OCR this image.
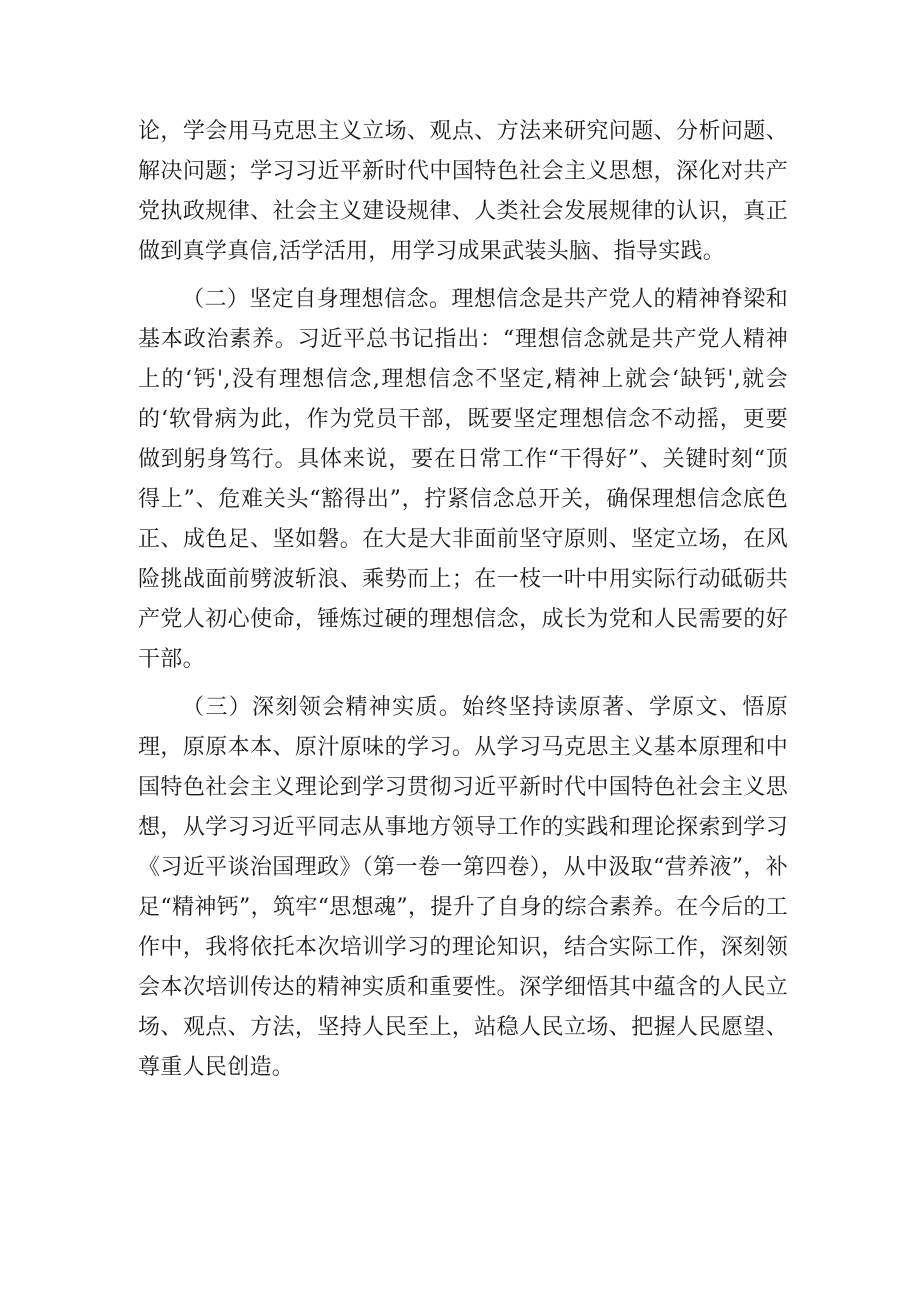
论，学会用马克思主义立场、观点、方法来研究问题、分析问题、解决问题；学习习近平新时代中国特色社会主义思想，深化对共产党执政规律、社会主义建设规律、人类社会发展规律的认识，真正做到真学真信,活学活用，用学习成果武装头脑、指导实践。

（二）坚定自身理想信念。理想信念是共产党人的精神脊梁和基本政治素养。习近平总书记指出：“理想信念就是共产党人精神上的‘钙',没有理想信念,理想信念不坚定,精神上就会‘缺钙',就会的‘软骨病为此，作为党员干部，既要坚定理想信念不动摇，更要做到躬身笃行。具体来说，要在日常工作“干得好”、关键时刻“顶得上”、危难关头“豁得出”，拧紧信念总开关，确保理想信念底色正、成色足、坚如磐。在大是大非面前坚守原则、坚定立场，在风险挑战面前劈波斩浪、乘势而上；在一枝一叶中用实际行动砥砺共产党人初心使命，锤炼过硬的理想信念，成长为党和人民需要的好干部。

（三）深刻领会精神实质。始终坚持读原著、学原文、悟原理，原原本本、原汁原味的学习。从学习马克思主义基本原理和中国特色社会主义理论到学习贯彻习近平新时代中国特色社会主义思想，从学习习近平同志从事地方领导工作的实践和理论探索到学习《习近平谈治国理政》（第一卷一第四卷），从中汲取“营养液”，补足“精神钙”，筑牢“思想魂”，提升了自身的综合素养。在今后的工作中，我将依托本次培训学习的理论知识，结合实际工作，深刻领会本次培训传达的精神实质和重要性。深学细悟其中蕴含的人民立场、观点、方法，坚持人民至上，站稳人民立场、把握人民愿望、尊重人民创造。
